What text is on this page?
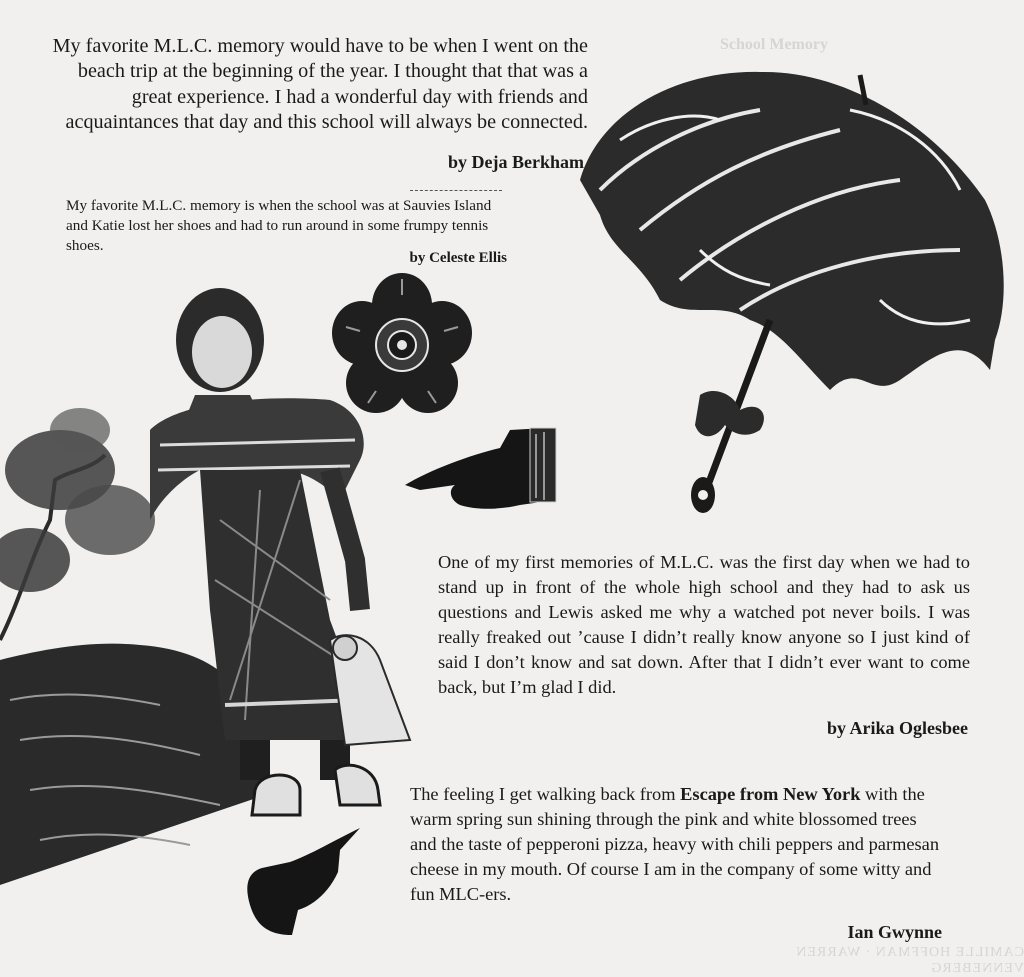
School Memory
CAMILLE HOFFMAN · WARREN VENNEBERG
My favorite M.L.C. memory would have to be when I went on the beach trip at the beginning of the year. I thought that that was a great experience. I had a wonderful day with friends and acquaintances that day and this school will always be connected.
by Deja Berkham
My favorite M.L.C. memory is when the school was at Sauvies Island and Katie lost her shoes and had to run around in some frumpy tennis shoes.
by Celeste Ellis
One of my first memories of M.L.C. was the first day when we had to stand up in front of the whole high school and they had to ask us questions and Lewis asked me why a watched pot never boils. I was really freaked out ’cause I didn’t really know anyone so I just kind of said I don’t know and sat down. After that I didn’t ever want to come back, but I’m glad I did.
by Arika Oglesbee
The feeling I get walking back from Escape from New York with the warm spring sun shining through the pink and white blossomed trees and the taste of pepperoni pizza, heavy with chili peppers and parmesan cheese in my mouth. Of course I am in the company of some witty and fun MLC-ers.
Ian Gwynne
